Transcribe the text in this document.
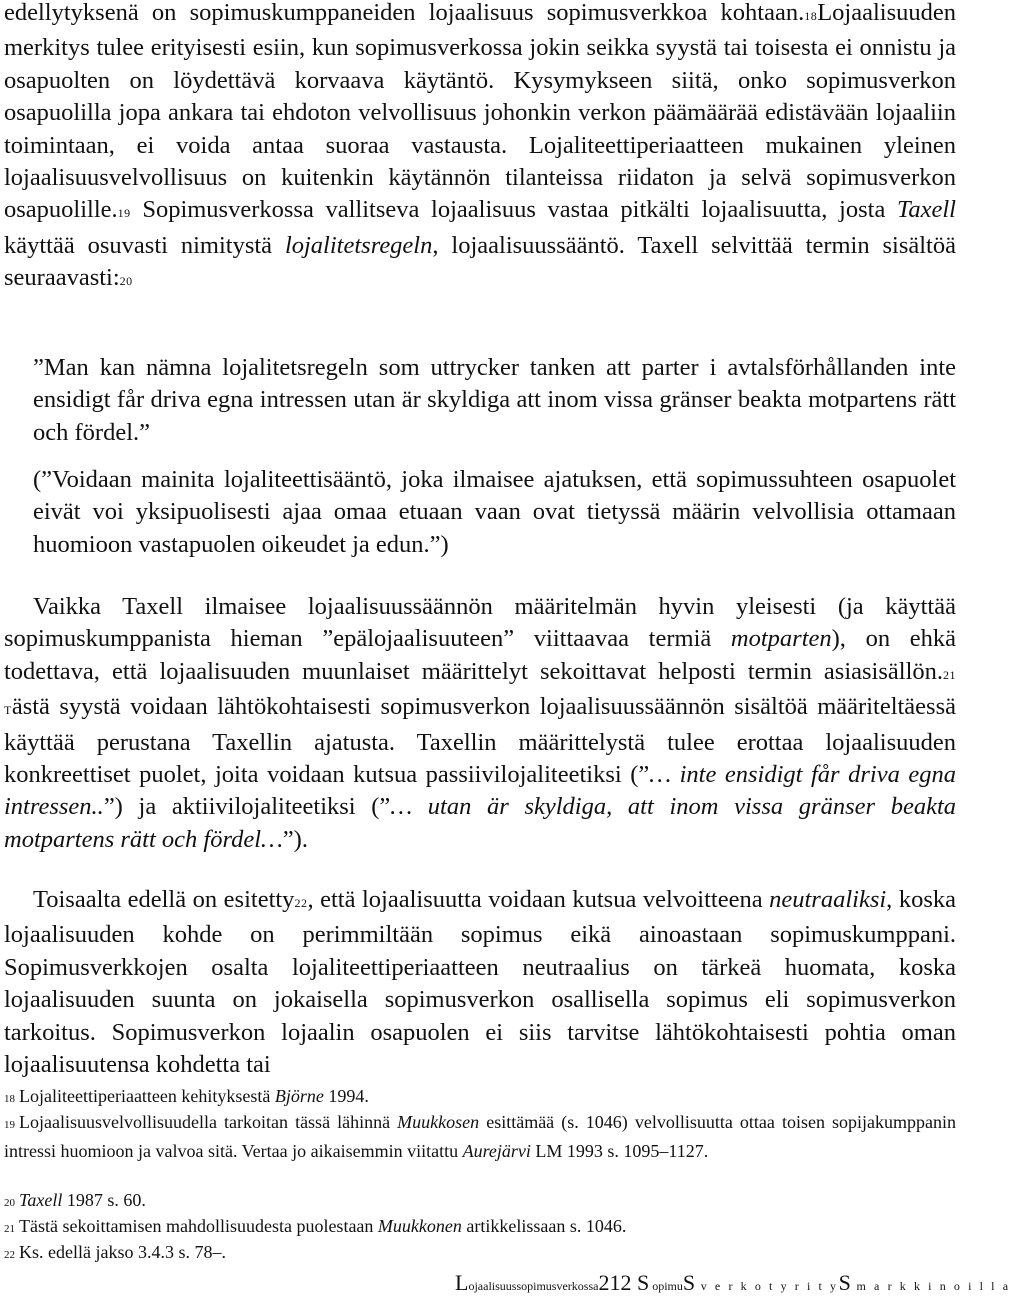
edellytyksenä on sopimuskumppaneiden lojaalisuus sopimusverkkoa kohtaan.18Lojaalisuuden merkitys tulee erityisesti esiin, kun sopimusverkossa jokin seikka syystä tai toisesta ei onnistu ja osapuolten on löydettävä korvaava käytäntö. Kysymykseen siitä, onko sopimusverkon osapuolilla jopa ankara tai ehdoton velvollisuus johonkin verkon päämäärää edistävään lojaaliin toimintaan, ei voida antaa suoraa vastausta. Lojaliteettiperiaatteen mukainen yleinen lojaalisuusvelvollisuus on kuitenkin käytännön tilanteissa riidaton ja selvä sopimusverkon osapuolille.19 Sopimusverkossa vallitseva lojaalisuus vastaa pitkälti lojaalisuutta, josta Taxell käyttää osuvasti nimitystä lojalitetsregeln, lojaalisuussääntö. Taxell selvittää termin sisältöä seuraavasti:20

”Man kan nämna lojalitetsregeln som uttrycker tanken att parter i avtalsförhållanden inte ensidigt får driva egna intressen utan är skyldiga att inom vissa gränser beakta motpartens rätt och fördel.”

(”Voidaan mainita lojaliteettisääntö, joka ilmaisee ajatuksen, että sopimussuhteen osapuolet eivät voi yksipuolisesti ajaa omaa etuaan vaan ovat tietyssä määrin velvollisia ottamaan huomioon vastapuolen oikeudet ja edun.”)

Vaikka Taxell ilmaisee lojaalisuussäännön määritelmän hyvin yleisesti (ja käyttää sopimuskumppanista hieman ”epälojaalisuuteen” viittaavaa termiä motparten), on ehkä todettava, että lojaalisuuden muunlaiset määrittelyt sekoittavat helposti termin asiasisällön.21 Tästä syystä voidaan lähtökohtaisesti sopimusverkon lojaalisuussäännön sisältöä määriteltäessä käyttää perustana Taxellin ajatusta. Taxellin määrittelystä tulee erottaa lojaalisuuden konkreettiset puolet, joita voidaan kutsua passiivilojaliteetiksi (”… inte ensidigt får driva egna intressen..”) ja aktiivilojaliteetiksi (”… utan är skyldiga, att inom vissa gränser beakta motpartens rätt och fördel…”).

Toisaalta edellä on esitetty22, että lojaalisuutta voidaan kutsua velvoitteena neutraaliksi, koska lojaalisuuden kohde on perimmiltään sopimus eikä ainoastaan sopimuskumppani. Sopimusverkkojen osalta lojaliteettiperiaatteen neutraalius on tärkeä huomata, koska lojaalisuuden suunta on jokaisella sopimusverkon osallisella sopimus eli sopimusverkon tarkoitus. Sopimusverkon lojaalin osapuolen ei siis tarvitse lähtökohtaisesti pohtia oman lojaalisuutensa kohdetta tai

18 Lojaliteettiperiaatteen kehityksestä Björne 1994.

19 Lojaalisuusvelvollisuudella tarkoitan tässä lähinnä Muukkosen esittämää (s. 1046) velvollisuutta ottaa toisen sopijakumppanin intressi huomioon ja valvoa sitä. Vertaa jo aikaisemmin viitattu Aurejärvi LM 1993 s. 1095–1127.

20 Taxell 1987 s. 60.

21 Tästä sekoittamisen mahdollisuudesta puolestaan Muukkonen artikkelissaan s. 1046.

22 Ks. edellä jakso 3.4.3 s. 78–.

Lojaalisuussopimusverkossa212 S opimuS v e r k o t y r i t yS m a r k k i n o i l l a
